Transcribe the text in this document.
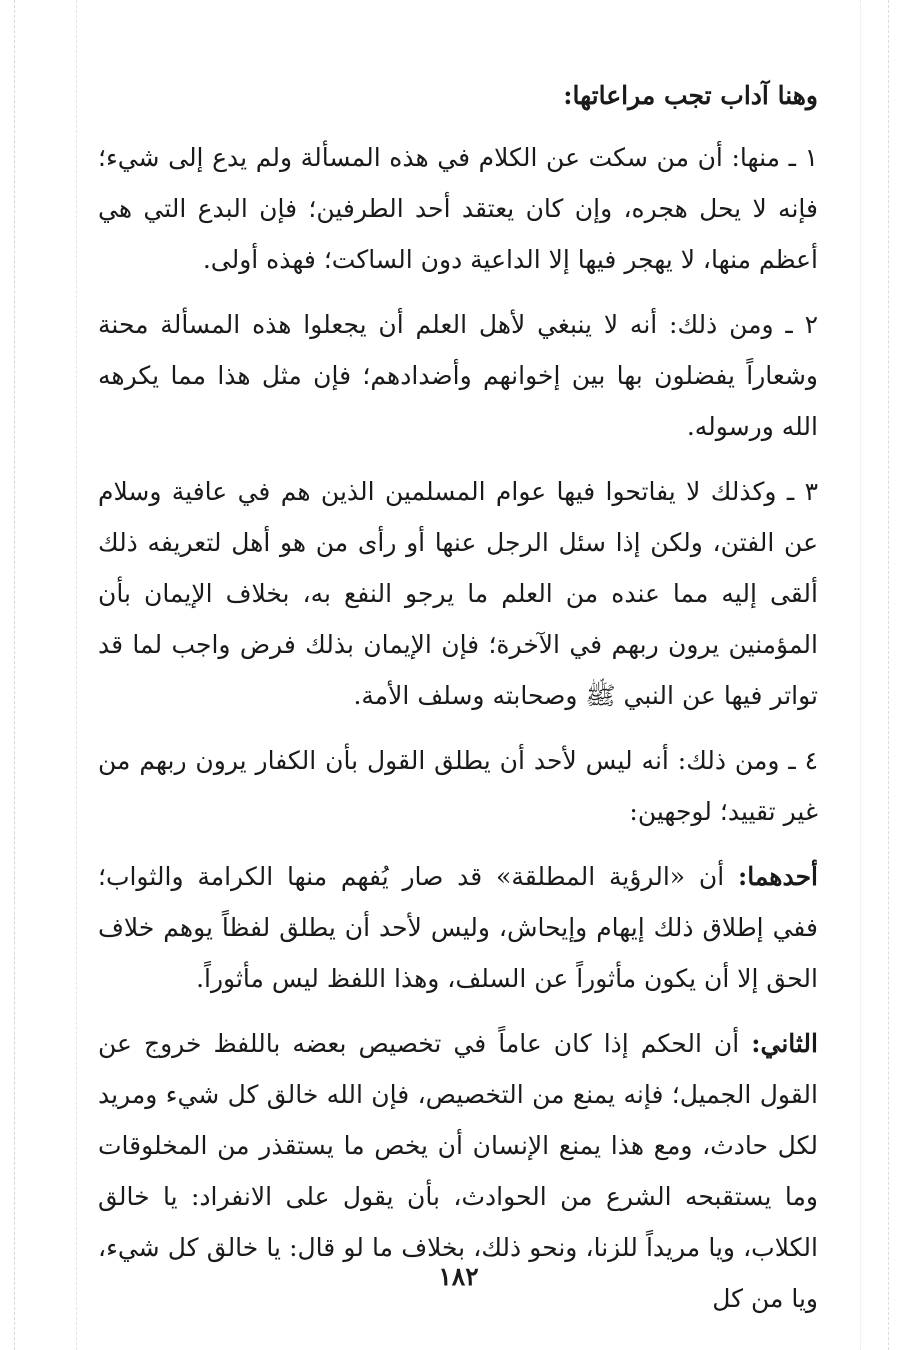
وهنا آداب تجب مراعاتها:

١ ـ منها: أن من سكت عن الكلام في هذه المسألة ولم يدع إلى شيء؛ فإنه لا يحل هجره، وإن كان يعتقد أحد الطرفين؛ فإن البدع التي هي أعظم منها، لا يهجر فيها إلا الداعية دون الساكت؛ فهذه أولى.

٢ ـ ومن ذلك: أنه لا ينبغي لأهل العلم أن يجعلوا هذه المسألة محنة وشعاراً يفضلون بها بين إخوانهم وأضدادهم؛ فإن مثل هذا مما يكرهه الله ورسوله.

٣ ـ وكذلك لا يفاتحوا فيها عوام المسلمين الذين هم في عافية وسلام عن الفتن، ولكن إذا سئل الرجل عنها أو رأى من هو أهل لتعريفه ذلك ألقى إليه مما عنده من العلم ما يرجو النفع به، بخلاف الإيمان بأن المؤمنين يرون ربهم في الآخرة؛ فإن الإيمان بذلك فرض واجب لما قد تواتر فيها عن النبي ﷺ وصحابته وسلف الأمة.

٤ ـ ومن ذلك: أنه ليس لأحد أن يطلق القول بأن الكفار يرون ربهم من غير تقييد؛ لوجهين:

أحدهما: أن «الرؤية المطلقة» قد صار يُفهم منها الكرامة والثواب؛ ففي إطلاق ذلك إيهام وإيحاش، وليس لأحد أن يطلق لفظاً يوهم خلاف الحق إلا أن يكون مأثوراً عن السلف، وهذا اللفظ ليس مأثوراً.

الثاني: أن الحكم إذا كان عاماً في تخصيص بعضه باللفظ خروج عن القول الجميل؛ فإنه يمنع من التخصيص، فإن الله خالق كل شيء ومريد لكل حادث، ومع هذا يمنع الإنسان أن يخص ما يستقذر من المخلوقات وما يستقبحه الشرع من الحوادث، بأن يقول على الانفراد: يا خالق الكلاب، ويا مريداً للزنا، ونحو ذلك، بخلاف ما لو قال: يا خالق كل شيء، ويا من كل

١٨٢
